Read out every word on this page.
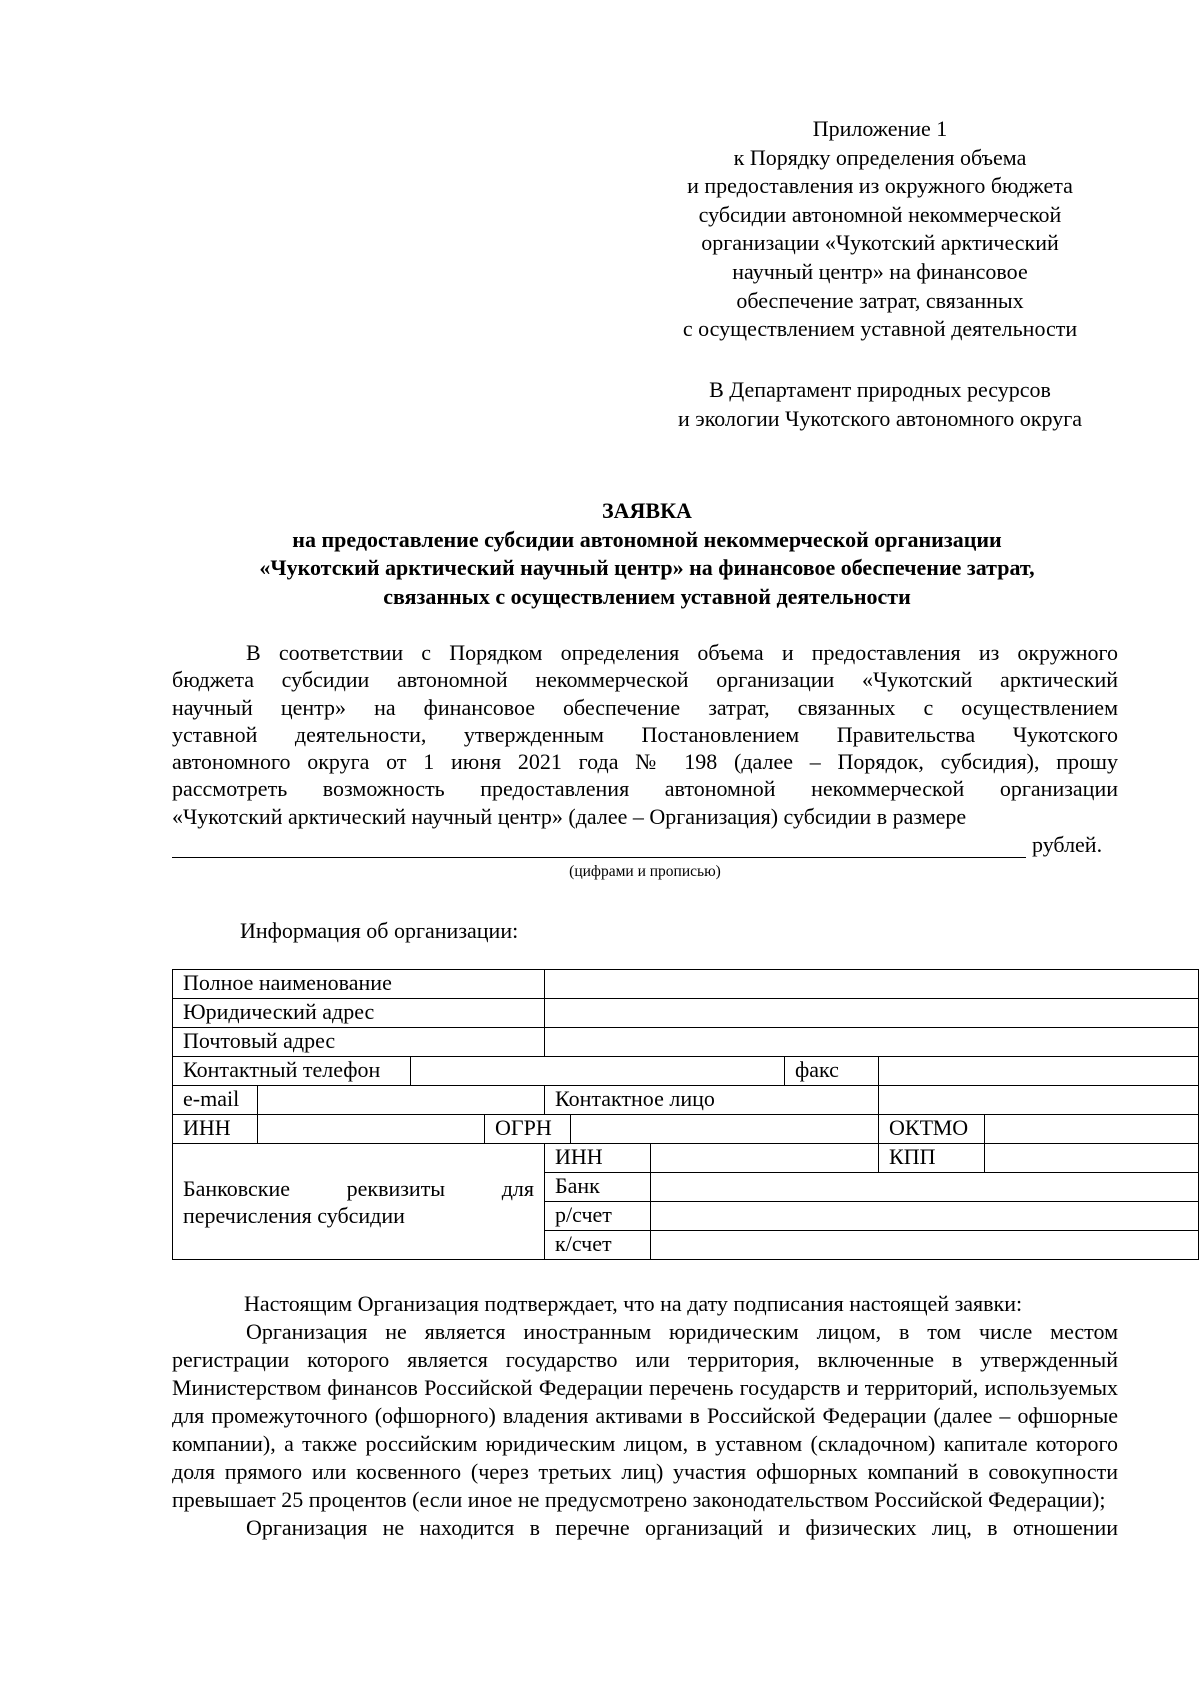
Приложение 1
к Порядку определения объема
и предоставления из окружного бюджета
субсидии автономной некоммерческой
организации «Чукотский арктический
научный центр» на финансовое
обеспечение затрат, связанных
с осуществлением уставной деятельности
В Департамент природных ресурсов
и экологии Чукотского автономного округа
ЗАЯВКА
на предоставление субсидии автономной некоммерческой организации
«Чукотский арктический научный центр» на финансовое обеспечение затрат,
связанных с осуществлением уставной деятельности
В соответствии с Порядком определения объема и предоставления из окружного
бюджета субсидии автономной некоммерческой организации «Чукотский арктический
научный центр» на финансовое обеспечение затрат, связанных с осуществлением
уставной деятельности, утвержденным Постановлением Правительства Чукотского
автономного округа от 1 июня 2021 года № 198 (далее – Порядок, субсидия), прошу
рассмотреть возможность предоставления автономной некоммерческой организации
«Чукотский арктический научный центр» (далее – Организация) субсидии в размере
рублей.
(цифрами и прописью)
Информация об организации:
Полное наименование									
Юридический адрес									
Почтовый адрес									
Контактный телефон							факс		
e-mail				Контактное лицо					
ИНН			ОГРН					ОКТМО	

Банковские реквизиты для
перечисления субсидии				ИНН				КПП	
				Банк					
				р/счет					
				к/счет					

Настоящим Организация подтверждает, что на дату подписания настоящей заявки:

Организация не является иностранным юридическим лицом, в том числе местом регистрации которого является государство или территория, включенные в утвержденный Министерством финансов Российской Федерации перечень государств и территорий, используемых для промежуточного (офшорного) владения активами в Российской Федерации (далее – офшорные компании), а также российским юридическим лицом, в уставном (складочном) капитале которого доля прямого или косвенного (через третьих лиц) участия офшорных компаний в совокупности превышает 25 процентов (если иное не предусмотрено законодательством Российской Федерации);

Организация не находится в перечне организаций и физических лиц, в отношении
